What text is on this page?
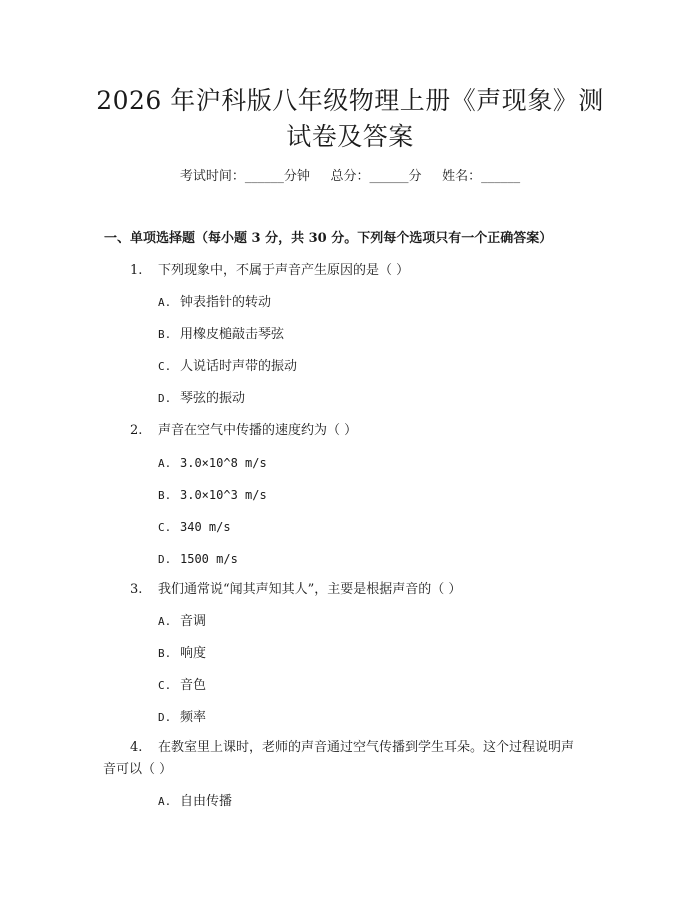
2026 年沪科版八年级物理上册《声现象》测
试卷及答案
考试时间：______分钟     总分：______分     姓名：______
一、单项选择题（每小题 3 分，共 30 分。下列每个选项只有一个正确答案）
1. 下列现象中，不属于声音产生原因的是（ ）
A. 钟表指针的转动
B. 用橡皮槌敲击琴弦
C. 人说话时声带的振动
D. 琴弦的振动
2. 声音在空气中传播的速度约为（ ）
A. 3.0×10^8 m/s
B. 3.0×10^3 m/s
C. 340 m/s
D. 1500 m/s
3. 我们通常说“闻其声知其人”，主要是根据声音的（ ）
A. 音调
B. 响度
C. 音色
D. 频率
4. 在教室里上课时，老师的声音通过空气传播到学生耳朵。这个过程说明声
音可以（ ）
A. 自由传播
